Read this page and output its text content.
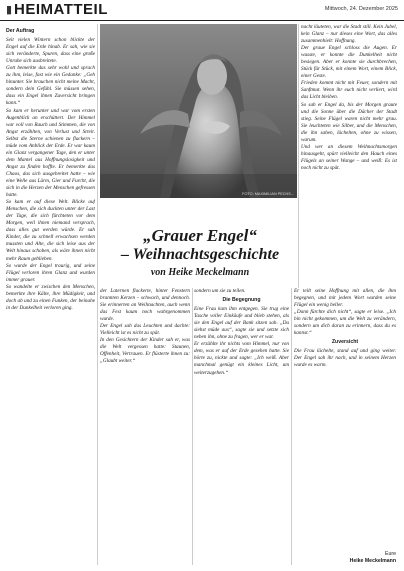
▮ HEIMATTEIL	Mittwoch, 24. Dezember 2025
Der Auftrag

Seit vielen Wintern schon blickte der Engel auf die Erde hinab. Er sah, wie sie sich veränderte, Spuren, dass eine große Unruhe sich ausbreitete.

Gott bemerkte das sehr wohl und sprach zu ihm, leise, fast wie ein Gedanke: „Geh hinunter. Sie brauchen nicht meine Macht, sondern dein Gefühl. Sie müssen sehen, dass ein Engel ihnen Zuversicht bringen kann.“

So kam er herunter und war vom ersten Augenblick an erschüttert. Der Himmel war voll von Rauch und Stimmen, die von Angst erzählten, von Verlust und Streit. Selbst die Sterne schienen zu flackern – müde vom Anblick der Erde. Er war kaum ein Glanz vergangener Tage, den er unter dem Mantel aus Hoffnungslosigkeit und Angst zu finden hoffte. Er bemerkte das Chaos, das sich ausgebreitet hatte – wie eine Welle aus Lärm, Gier und Furcht, die sich in die Herzen der Menschen gefressen hatte.

So kam er auf diese Welt. Blicke auf Menschen, die sich duckten unter der Last der Tage, die sich fürchteten vor dem Morgen, weil ihnen niemand versprach, dass alles gut werden würde. Er sah Kinder, die zu schnell erwachsen werden mussten und Alte, die sich leise aus der Welt hinaus schoben, als wäre ihnen nicht mehr Raum geblieben.

So wurde der Engel traurig, und seine Flügel verloren ihren Glanz und wurden immer grauer.

So wandelte er zwischen den Menschen, bemerkte ihre Kälte, ihre Müdigkeit, und doch ab und zu einen Funken, der beinahe in der Dunkelheit verloren ging.

FOTO: MAXIMILIAN PECHS...

nacht läuteten, war die Stadt still. Kein Jubel, kein Glanz – nur dieses eine Wort, das alles zusammenhielt: Hoffnung.

Der graue Engel schloss die Augen. Er wusste, er konnte die Dunkelheit nicht besiegen. Aber er konnte sie durchbrechen, Stück für Stück, mit einem Wort, einem Blick, einer Geste.

Frieden kommt nicht mit Feuer, sondern mit Sanftmut. Wenn ihr euch nicht verliert, wird das Licht bleiben.

So sah er Engel da, bis der Morgen graute und die Sonne über die Dächer der Stadt stieg. Seine Flügel waren nicht mehr grau. Sie leuchteten wie Silber, und die Menschen, die ihn sahen, lächelten, ohne zu wissen, warum.

Und wer an diesem Weihnachtsmorgen hinausgeht, spürt vielleicht den Hauch eines Flügels an seiner Wange – und weiß: Es ist noch nicht zu spät.

„Grauer Engel“
– Weihnachtsgeschichte
von Heike Meckelmann

der Laternen flackerte, hinter Fenstern brannten Kerzen – schwach, und dennoch. Sie erinnerten an Weihnachten, auch wenn das Fest kaum noch wahrgenommen wurde.

Der Engel sah das Leuchten und dachte: Vielleicht ist es nicht zu spät.

In den Gesichtern der Kinder sah er, was die Welt vergessen hatte: Staunen, Offenheit, Vertrauen. Er flüsterte ihnen zu: „Glaubt weiter.“

sondern um sie zu teilen.

Die Begegnung

Eine Frau kam ihm entgegen. Sie trug eine Tasche voller Einkäufe und blieb stehen, als sie den Engel auf der Bank sitzen sah. „Du siehst müde aus“, sagte sie und setzte sich neben ihn, ohne zu fragen, wer er war.

Er erzählte ihr nichts vom Himmel, nur von dem, was er auf der Erde gesehen hatte. Sie hörte zu, nickte und sagte: „Ich weiß. Aber manchmal genügt ein kleines Licht, um weiterzugehen.“

Er teilt seine Hoffnung mit allen, die ihm begegnen, und mit jedem Wort wurden seine Flügel ein wenig heller.

„Dann fürchte dich nicht“, sagte er leise. „Ich bin nicht gekommen, um die Welt zu verändern, sondern um dich daran zu erinnern, dass du es kannst.“

Zuversicht

Die Frau lächelte, stand auf und ging weiter. Der Engel sah ihr nach, und in seinem Herzen wurde es warm.

Eure
Heike Meckelmann
